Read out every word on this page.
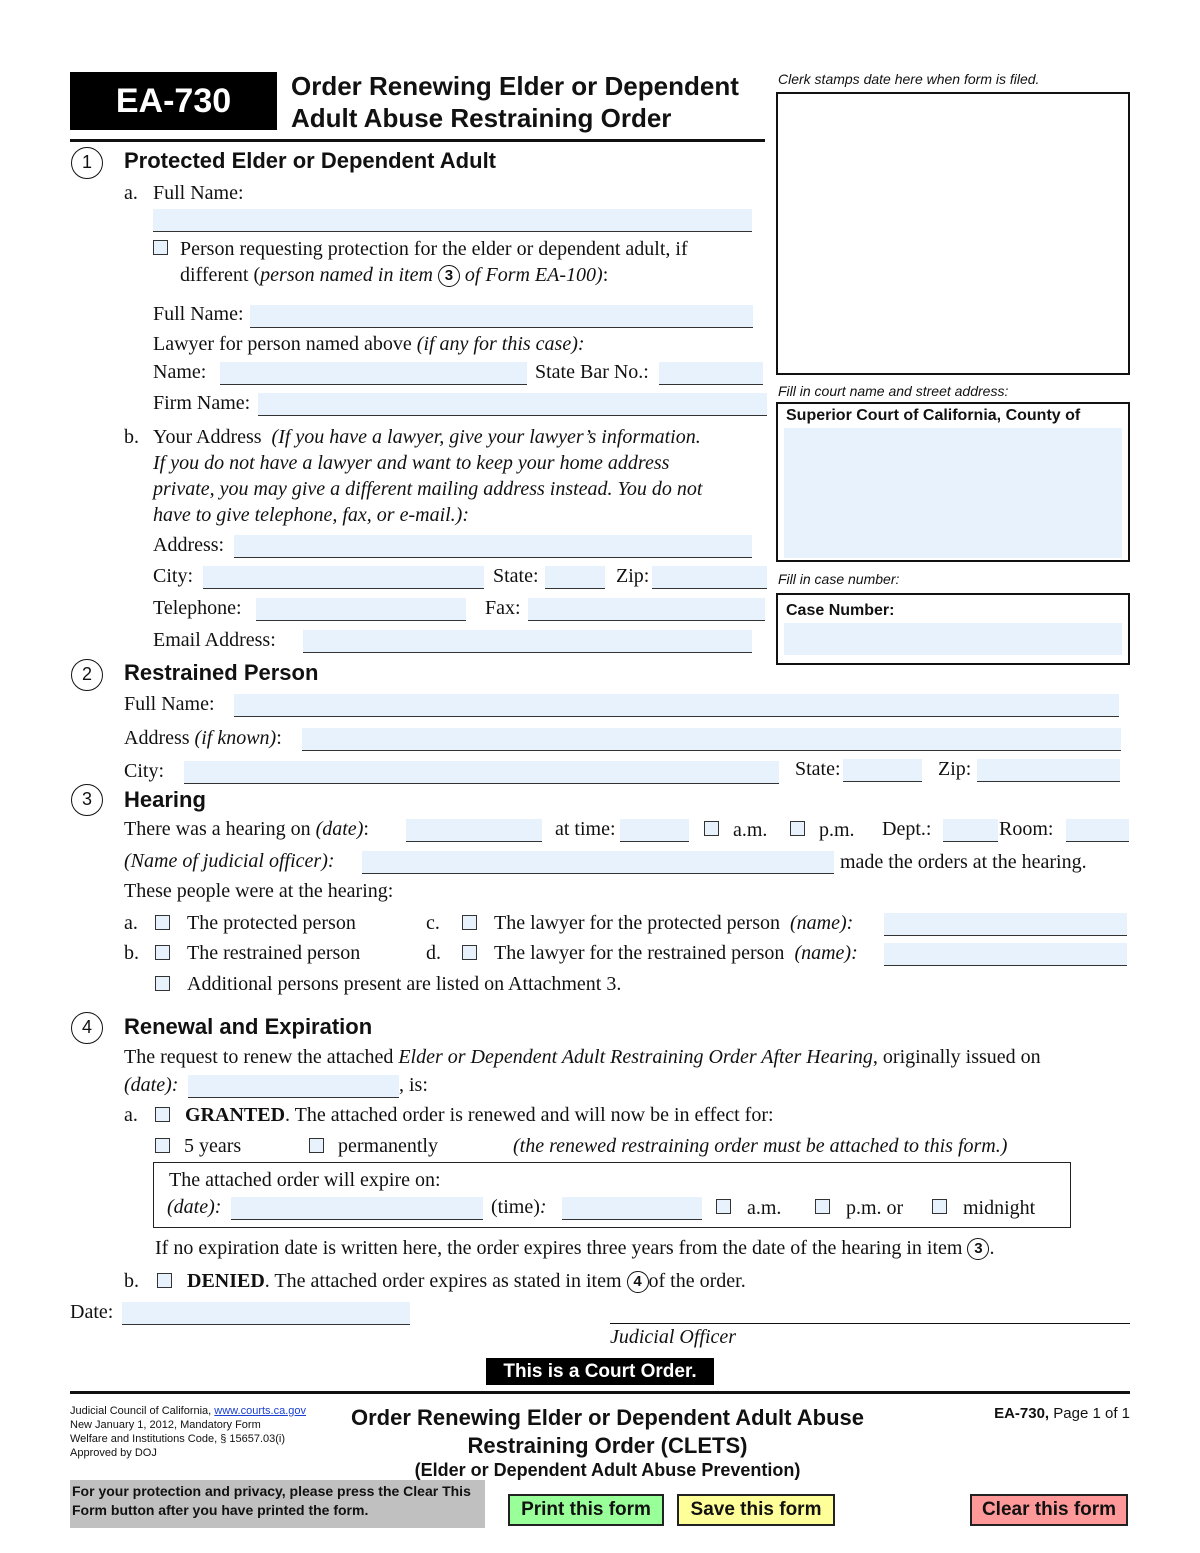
EA-730	Order Renewing Elder or Dependent
Adult Abuse Restraining Order
Clerk stamps date here when form is filed.
Fill in court name and street address:
Superior Court of California, County of
Fill in case number:
Case Number:
1	Protected Elder or Dependent Adult
a. Full Name:
Person requesting protection for the elder or dependent adult, if
different (person named in item 3 of Form EA-100):
Full Name:
Lawyer for person named above (if any for this case):
Name:	State Bar No.:
Firm Name:
b. Your Address (If you have a lawyer, give your lawyer’s information.
If you do not have a lawyer and want to keep your home address
private, you may give a different mailing address instead. You do not
have to give telephone, fax, or e-mail.):
Address:
City:	State:	Zip:
Telephone:	Fax:
Email Address:
2	Restrained Person
Full Name:
Address (if known):
City:	State:	Zip:
3	Hearing
There was a hearing on (date):	at time:	a.m.	p.m. Dept.:	Room:
(Name of judicial officer):	made the orders at the hearing.
These people were at the hearing:
a. The protected person	c.	The lawyer for the protected person (name):
b. The restrained person	d.	The lawyer for the restrained person (name):
Additional persons present are listed on Attachment 3.
4	Renewal and Expiration
The request to renew the attached Elder or Dependent Adult Restraining Order After Hearing, originally issued on
(date):	, is:
a. GRANTED. The attached order is renewed and will now be in effect for:
5 years	permanently	(the renewed restraining order must be attached to this form.)
The attached order will expire on:
(date):	(time):	a.m.	p.m. or	midnight
If no expiration date is written here, the order expires three years from the date of the hearing in item 3 .
b. DENIED. The attached order expires as stated in item 4 of the order.
Date:
Judicial Officer
This is a Court Order.
Judicial Council of California, www.courts.ca.gov
New January 1, 2012, Mandatory Form
Welfare and Institutions Code, § 15657.03(i)
Approved by DOJ
Order Renewing Elder or Dependent Adult Abuse
Restraining Order (CLETS)
(Elder or Dependent Adult Abuse Prevention)
EA-730, Page 1 of 1
For your protection and privacy, please press the Clear This Form button after you have printed the form.	Print this form	Save this form	Clear this form
